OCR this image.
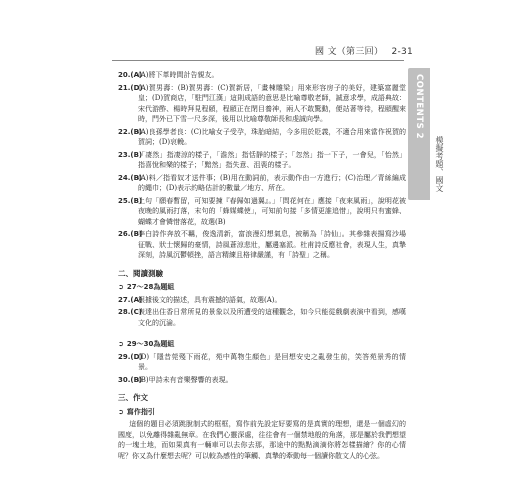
國 文（第三回） 2-31
CONTENTS 2
模擬考題、國文
20.(A)
(A)將下革時間計告親友。
21.(D)
(A)賀男壽：(B)賀男壽：(C)賀新居，「畫棟雕梁」用來形容房子的美好，建築富麗堂皇；(D)賀商店，「駐門江漢」這則成語的意思是比喻尊敬老師，誠意求學，成語典故：宋代游酢、楊時拜見程頤，程頤正在閉目養神，兩人不敢驚動，便站著等待，程頤醒來時，門外已下雪一尺多深，後用以比喻尊敬師長和虔誠向學。
22.(B)
(A)良孫學者良：(C)比喻女子受孕，珠胎暗結，今多用於貶義，不適合用來當作祝賀的賀詞；(D)哀輓。
23.(B)
「凄然」指凄涼的樣子，「澹然」指恬靜的樣子；「忽然」指一下子，一會兒，「怡然」指喜悅和樂的樣子；「黯然」指失意、沮喪的樣子。
24.(B)
(A)料／指看奴才送件事；(B)用在動詞前，表示動作由一方進行；(C)治理／青絲編成的繩巾；(D)表示約略估計的數量／地方、所在。
25.(B)
上句「願春暫留，可知要揀『春歸如過翼』。」「問花何在」應接「夜來風雨」，說明花被夜晚的風雨打落，末句的「蜂媒蝶使」，可知前句接「多情更誰追惜」，說明只有蜜蜂、蝴蝶才會憐惜落花，故選(B)
26.(B)
李白詩作奔放不羈，俊逸清新，富浪漫幻想氣息，被稱為「詩仙」。其參雜表揚寫沙場征戰、狀士懷歸的豪情，詩風蒼涼悲壯，屬邊塞派。杜甫詩反應社會，表現人生，真摯深刻，詩風沉鬱頓挫，語言精練且格律嚴謹，有「詩聖」之稱。
二、閱讀測驗
➲ 27～28為題組
27.(A)
根據後文的描述，具有震撼的語氣，故選(A)。
28.(C)
表達出住香日常所見的景象以及所遭受的這種觀念，如今只能從戲劇表演中看到，感嘆文化的沉淪。
➲ 29～30為題組
29.(D)
(D)「隱昔莞殘下雨花，苑中萬物生顏色」是回想安史之亂發生前，笑答苑景秀的情景。
30.(B)
(B)甲詩未有音樂聲響的表現。
三、作文
➲ 寫作指引
這個的題目必須跳脫制式的框框，寫作前先設定好要寫的是真實的理想，還是一個虛幻的國度，以免離得雜亂無章。在我們心靈深處，往往會有一個禁地般的角落，那是屬於我們想望的一塊土地，而如果真有一輛車可以去你去那，那途中的點點滴滴你將怎樣描繪？你的心情呢？你又為什麼想去呢？可以較為感性的筆觸、真摯的牽動每一個讀你散文人的心弦。
